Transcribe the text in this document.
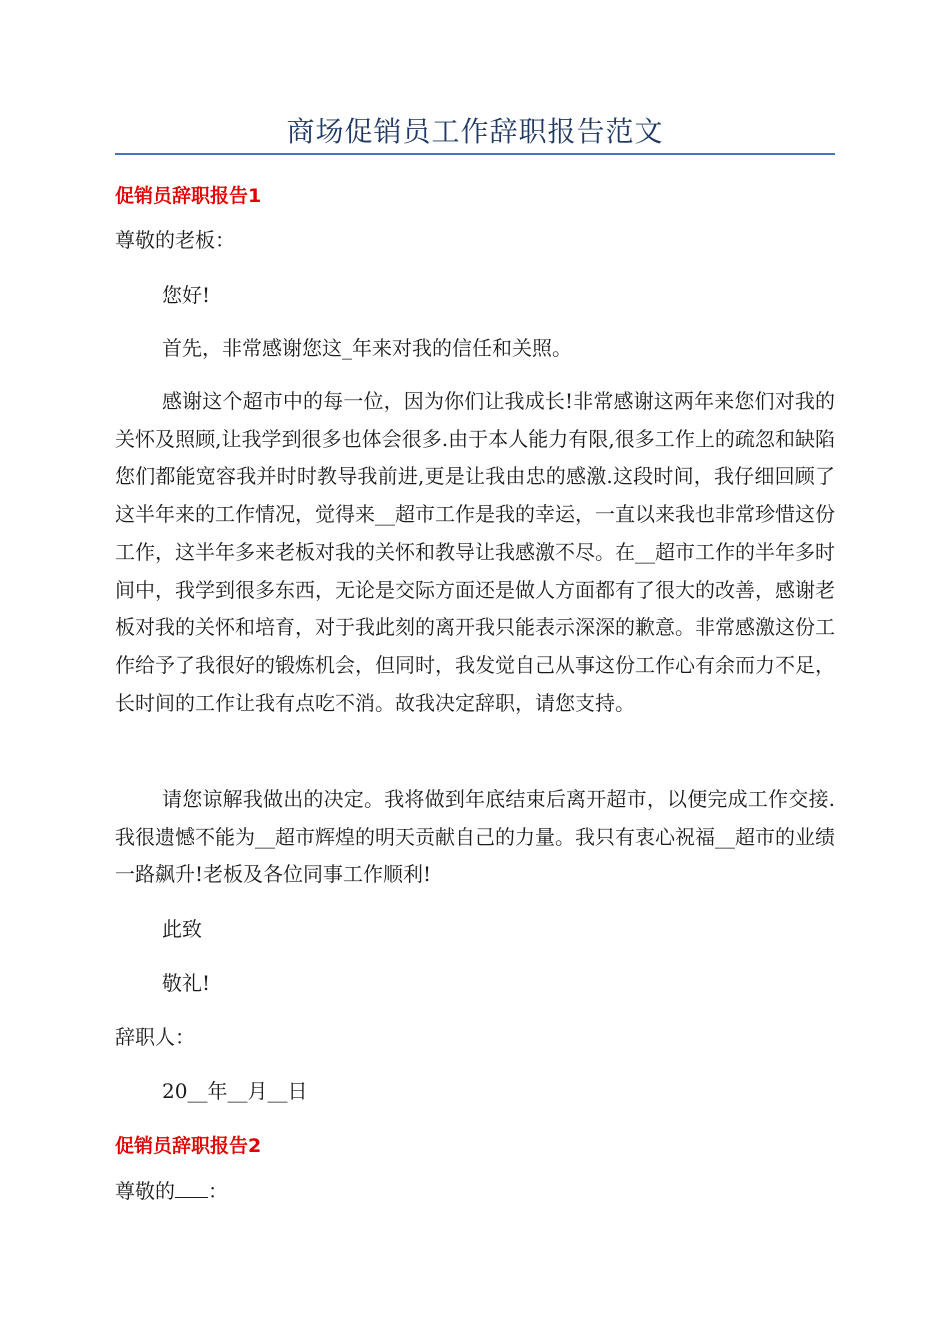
商场促销员工作辞职报告范文
促销员辞职报告1
尊敬的老板：
您好!
首先，非常感谢您这_年来对我的信任和关照。
感谢这个超市中的每一位，因为你们让我成长!非常感谢这两年来您们对我的关怀及照顾,让我学到很多也体会很多.由于本人能力有限,很多工作上的疏忽和缺陷您们都能宽容我并时时教导我前进,更是让我由忠的感激.这段时间，我仔细回顾了这半年来的工作情况，觉得来__超市工作是我的幸运，一直以来我也非常珍惜这份工作，这半年多来老板对我的关怀和教导让我感激不尽。在__超市工作的半年多时间中，我学到很多东西，无论是交际方面还是做人方面都有了很大的改善，感谢老板对我的关怀和培育，对于我此刻的离开我只能表示深深的歉意。非常感激这份工作给予了我很好的锻炼机会，但同时，我发觉自己从事这份工作心有余而力不足，长时间的工作让我有点吃不消。故我决定辞职，请您支持。
请您谅解我做出的决定。我将做到年底结束后离开超市，以便完成工作交接.我很遗憾不能为__超市辉煌的明天贡献自己的力量。我只有衷心祝福__超市的业绩一路飙升!老板及各位同事工作顺利!
此致
敬礼!
辞职人：
20__年__月__日
促销员辞职报告2
尊敬的 ：
